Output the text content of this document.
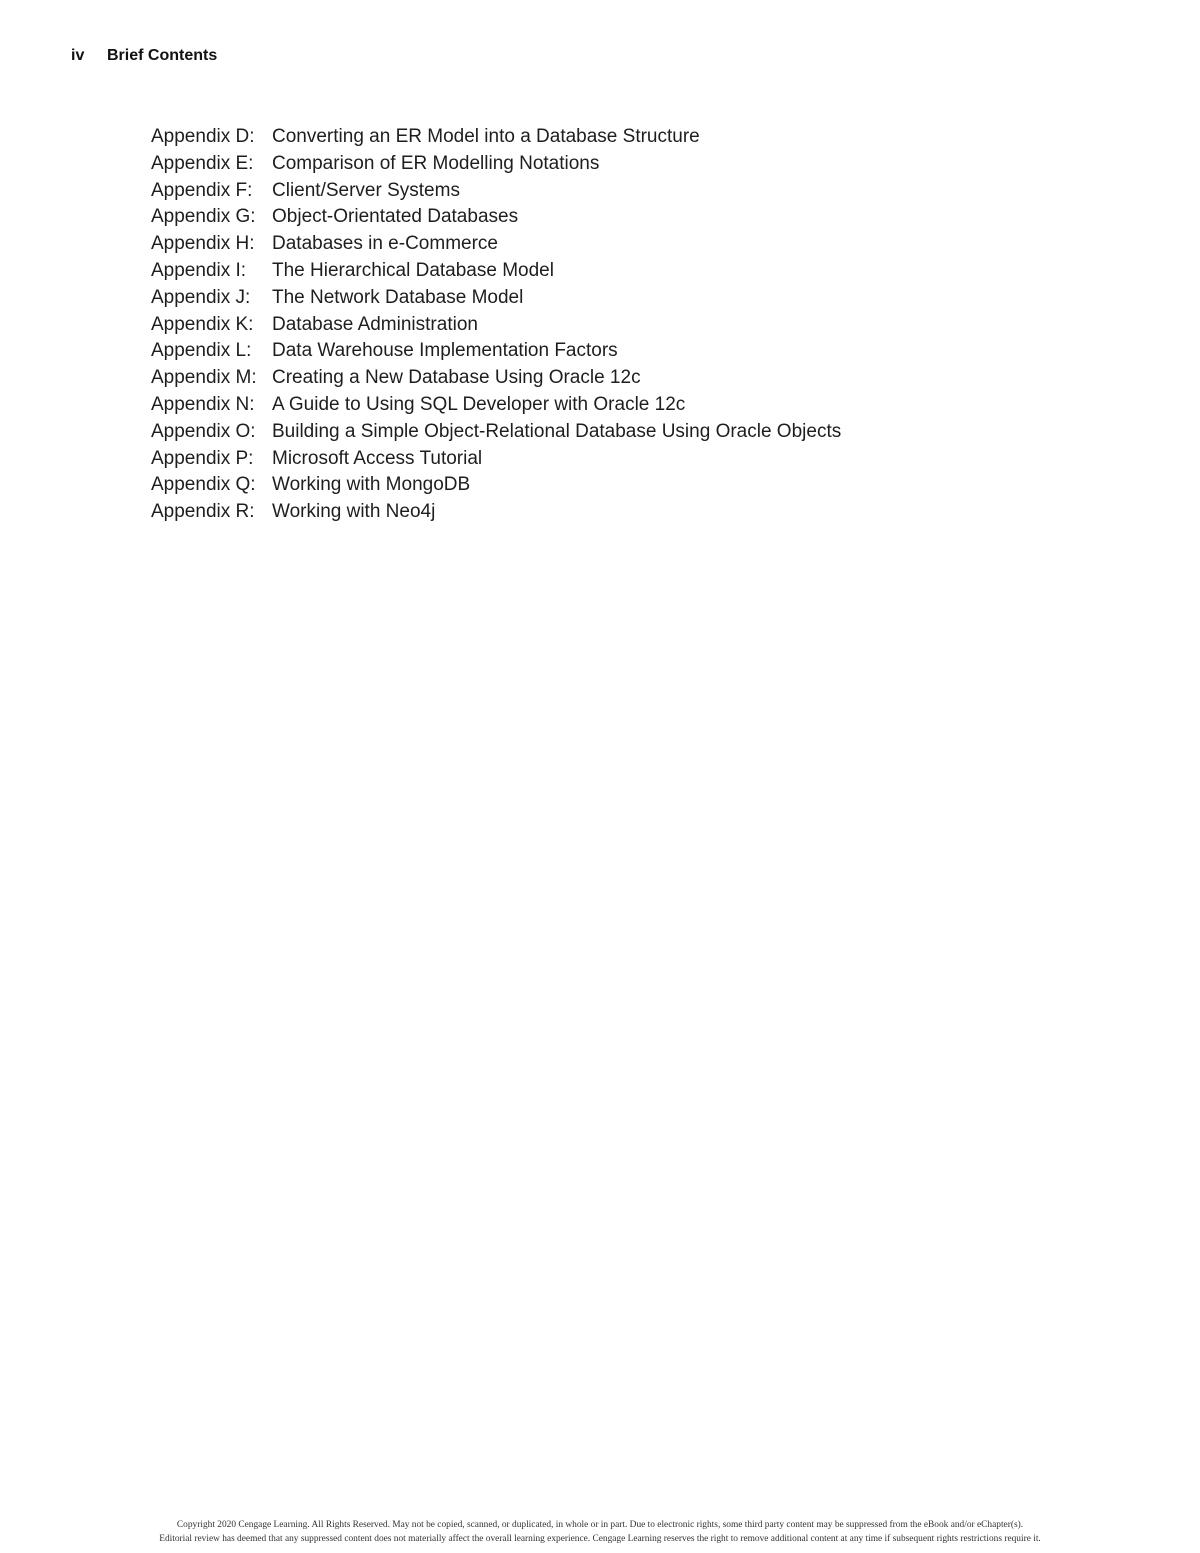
iv Brief Contents
Appendix D: Converting an ER Model into a Database Structure
Appendix E: Comparison of ER Modelling Notations
Appendix F: Client/Server Systems
Appendix G: Object-Orientated Databases
Appendix H: Databases in e-Commerce
Appendix I: The Hierarchical Database Model
Appendix J: The Network Database Model
Appendix K: Database Administration
Appendix L: Data Warehouse Implementation Factors
Appendix M: Creating a New Database Using Oracle 12c
Appendix N: A Guide to Using SQL Developer with Oracle 12c
Appendix O: Building a Simple Object-Relational Database Using Oracle Objects
Appendix P: Microsoft Access Tutorial
Appendix Q: Working with MongoDB
Appendix R: Working with Neo4j
Copyright 2020 Cengage Learning. All Rights Reserved. May not be copied, scanned, or duplicated, in whole or in part. Due to electronic rights, some third party content may be suppressed from the eBook and/or eChapter(s).
Editorial review has deemed that any suppressed content does not materially affect the overall learning experience. Cengage Learning reserves the right to remove additional content at any time if subsequent rights restrictions require it.
